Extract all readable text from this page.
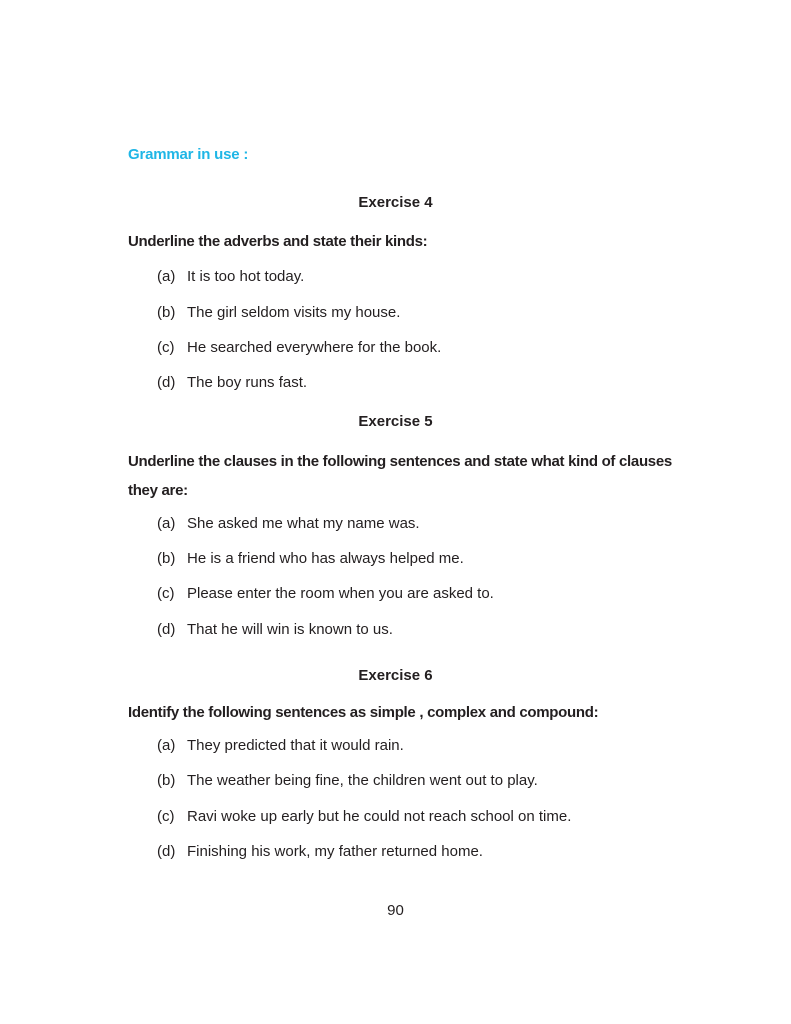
Grammar in use :
Exercise 4
Underline the adverbs and state their kinds:
(a) It is too hot today.
(b) The girl seldom visits my house.
(c) He searched everywhere for the book.
(d) The boy runs fast.
Exercise 5
Underline the clauses in the following sentences and state what kind of clauses they are:
(a) She asked me what my name was.
(b) He is a friend who has always helped me.
(c) Please enter the room when you are asked to.
(d) That he will win is known to us.
Exercise 6
Identify the following sentences as simple , complex and compound:
(a) They predicted that it would rain.
(b) The weather being fine, the children went out to play.
(c) Ravi woke up early but he could not reach school on time.
(d) Finishing his work, my father returned home.
90
